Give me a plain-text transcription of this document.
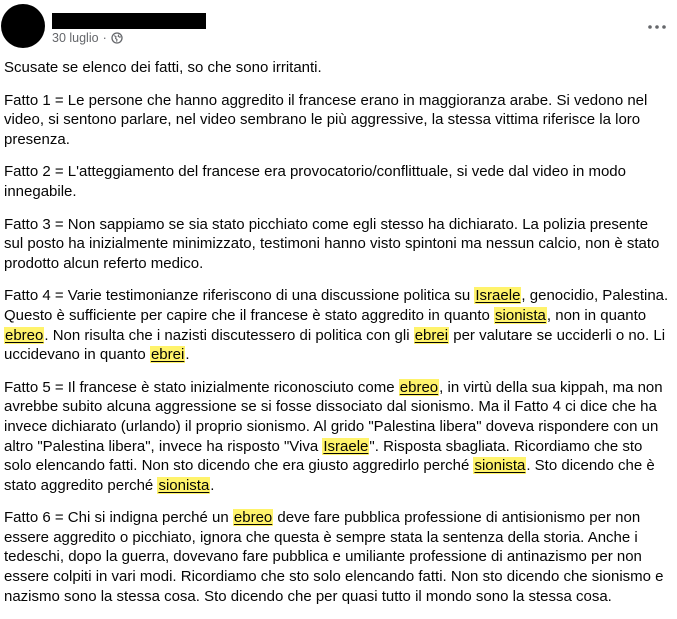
30 luglio ·

Scusate se elenco dei fatti, so che sono irritanti.

Fatto 1 = Le persone che hanno aggredito il francese erano in maggioranza arabe. Si vedono nel video, si sentono parlare, nel video sembrano le più aggressive, la stessa vittima riferisce la loro presenza.

Fatto 2 = L'atteggiamento del francese era provocatorio/conflittuale, si vede dal video in modo innegabile.

Fatto 3 = Non sappiamo se sia stato picchiato come egli stesso ha dichiarato. La polizia presente sul posto ha inizialmente minimizzato, testimoni hanno visto spintoni ma nessun calcio, non è stato prodotto alcun referto medico.

Fatto 4 = Varie testimonianze riferiscono di una discussione politica su Israele, genocidio, Palestina. Questo è sufficiente per capire che il francese è stato aggredito in quanto sionista, non in quanto ebreo. Non risulta che i nazisti discutessero di politica con gli ebrei per valutare se ucciderli o no. Li uccidevano in quanto ebrei.

Fatto 5 = Il francese è stato inizialmente riconosciuto come ebreo, in virtù della sua kippah, ma non avrebbe subito alcuna aggressione se si fosse dissociato dal sionismo. Ma il Fatto 4 ci dice che ha invece dichiarato (urlando) il proprio sionismo. Al grido "Palestina libera" doveva rispondere con un altro "Palestina libera", invece ha risposto "Viva Israele". Risposta sbagliata. Ricordiamo che sto solo elencando fatti. Non sto dicendo che era giusto aggredirlo perché sionista. Sto dicendo che è stato aggredito perché sionista.

Fatto 6 = Chi si indigna perché un ebreo deve fare pubblica professione di antisionismo per non essere aggredito o picchiato, ignora che questa è sempre stata la sentenza della storia. Anche i tedeschi, dopo la guerra, dovevano fare pubblica e umiliante professione di antinazismo per non essere colpiti in vari modi. Ricordiamo che sto solo elencando fatti. Non sto dicendo che sionismo e nazismo sono la stessa cosa. Sto dicendo che per quasi tutto il mondo sono la stessa cosa.
